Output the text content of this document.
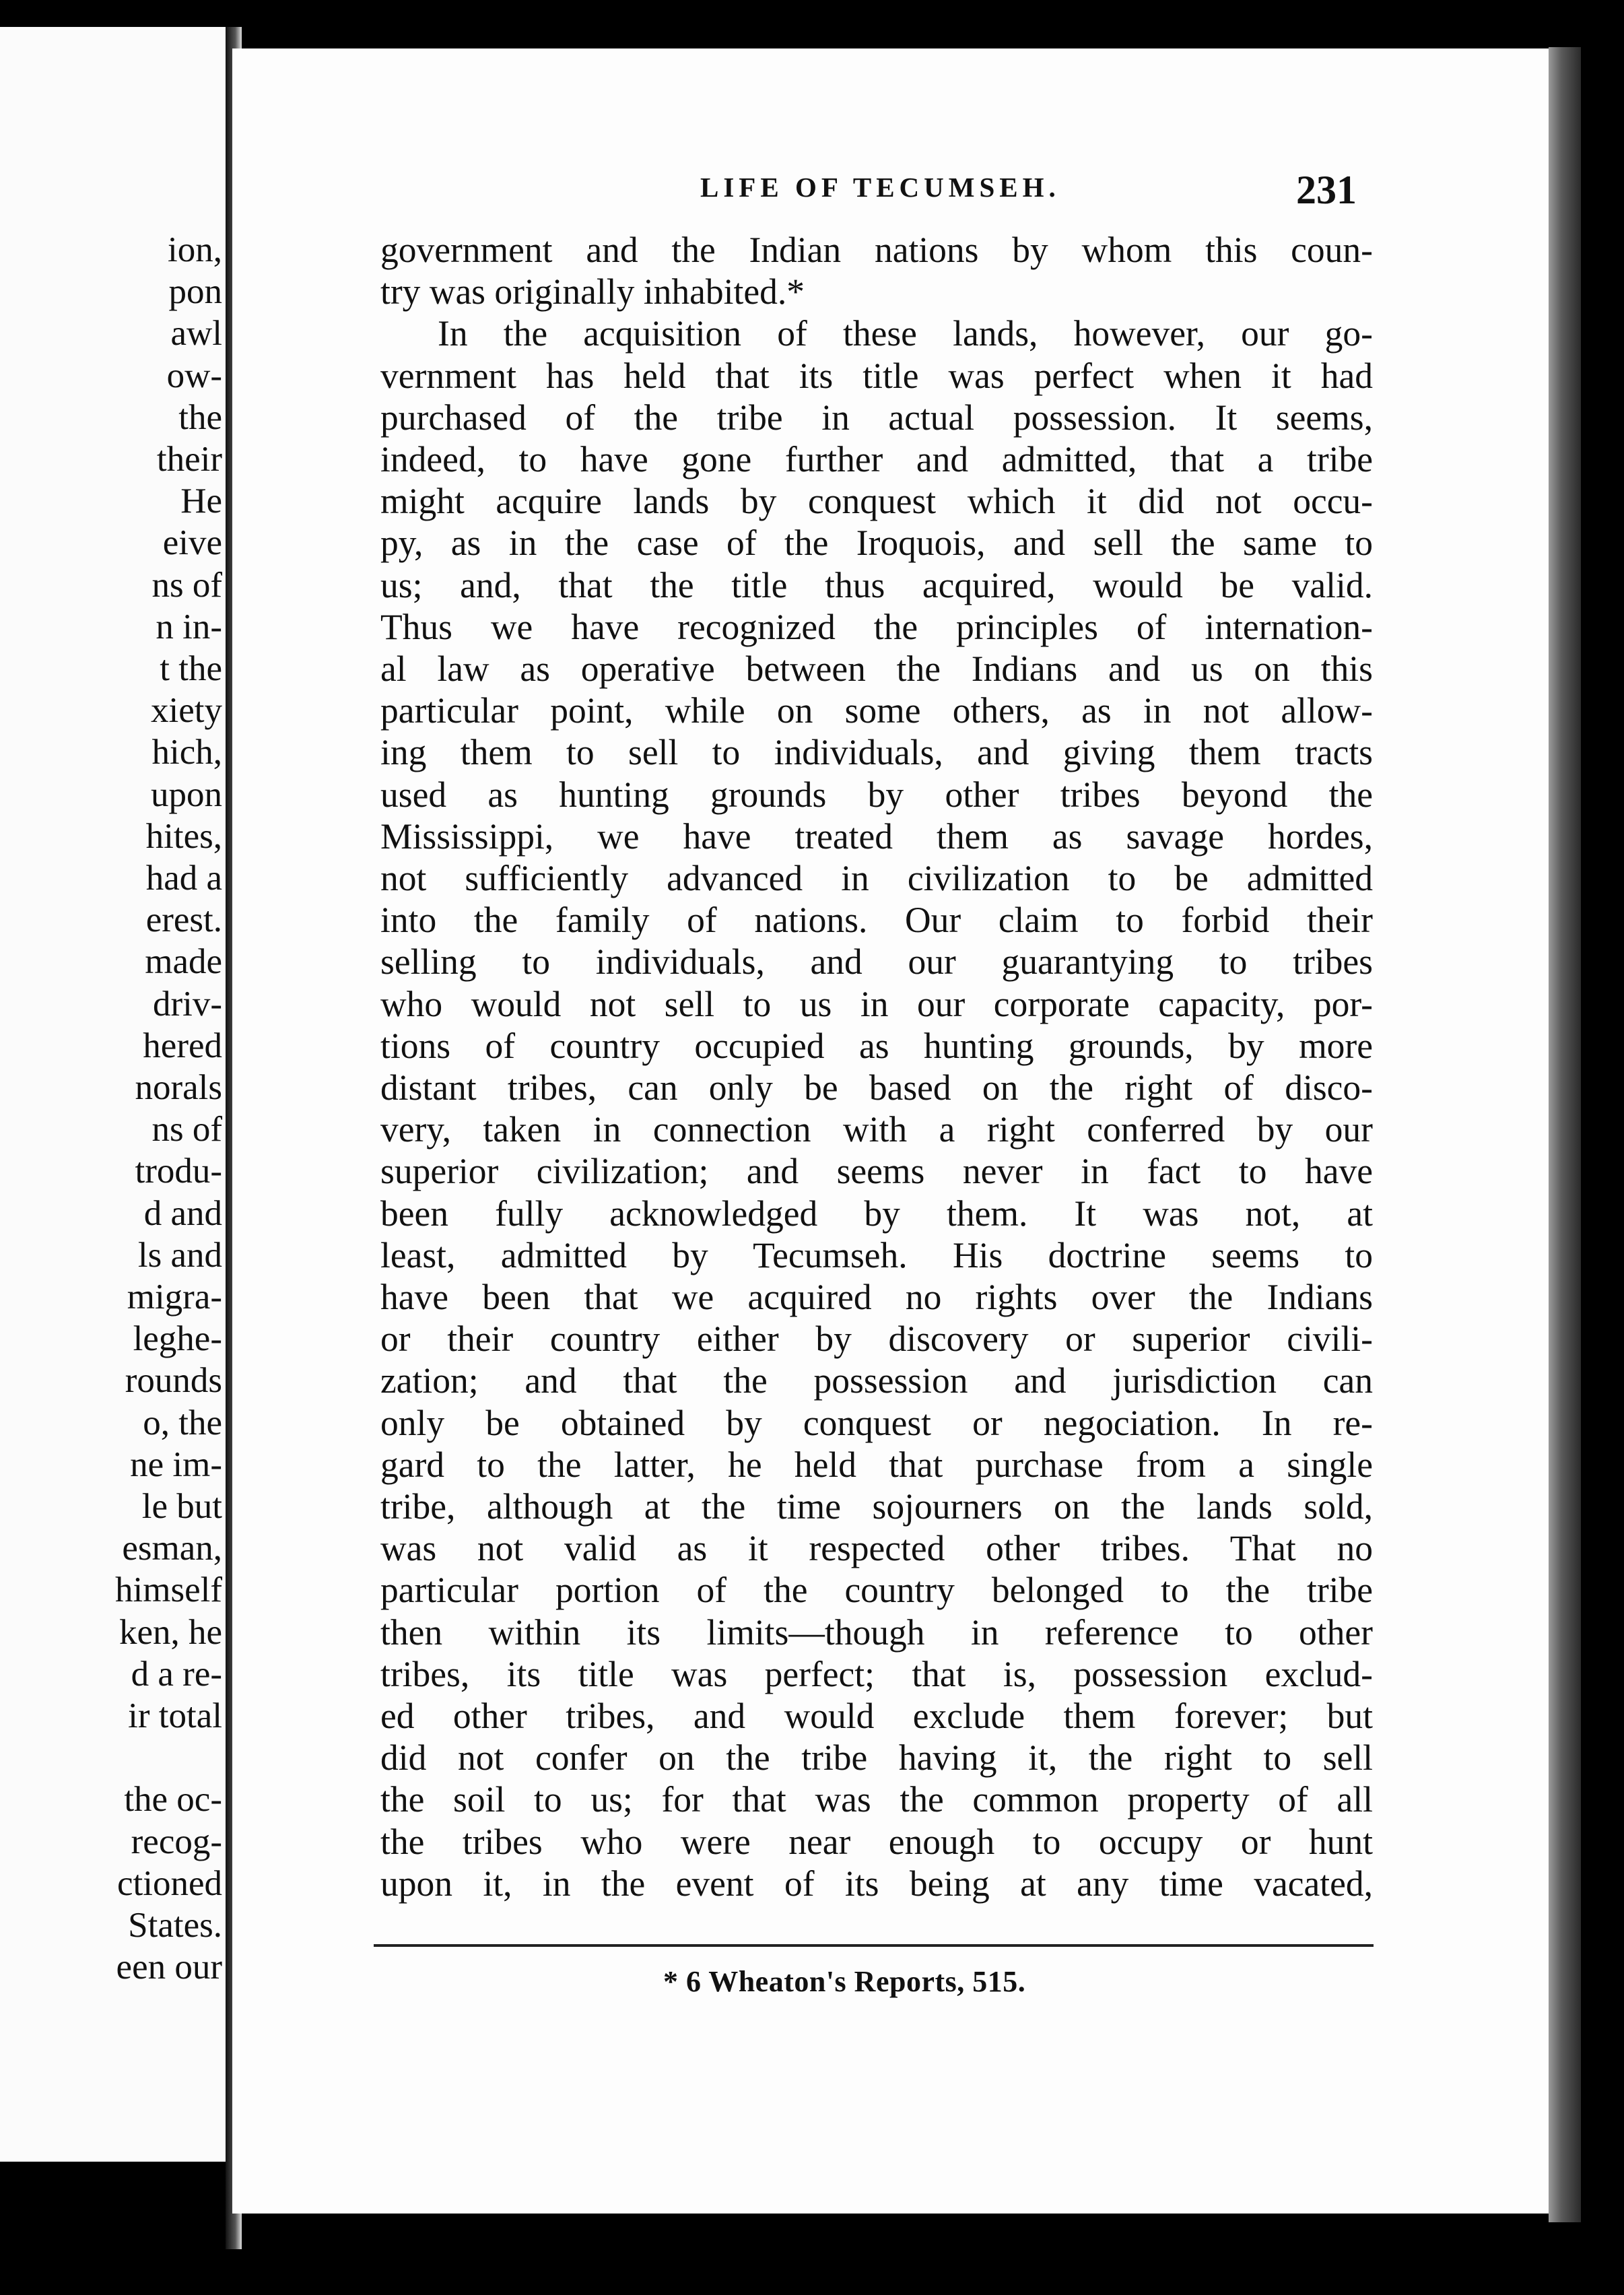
ion,

pon

awl

ow-

the

their

He

eive

ns of

n in-

t the

xiety

hich,

upon

hites,

had a

erest.

made

driv-

hered

norals

ns of

trodu-

d and

ls and

migra-

leghe-

rounds

o, the

ne im-

le but

esman,

himself

ken, he

d a re-

ir total

the oc-

recog-

ctioned

States.

een our

LIFE OF TECUMSEH.	231

government and the Indian nations by whom this coun-

try was originally inhabited.*

In the acquisition of these lands, however, our go-

vernment has held that its title was perfect when it had

purchased of the tribe in actual possession. It seems,

indeed, to have gone further and admitted, that a tribe

might acquire lands by conquest which it did not occu-

py, as in the case of the Iroquois, and sell the same to

us; and, that the title thus acquired, would be valid.

Thus we have recognized the principles of internation-

al law as operative between the Indians and us on this

particular point, while on some others, as in not allow-

ing them to sell to individuals, and giving them tracts

used as hunting grounds by other tribes beyond the

Mississippi, we have treated them as savage hordes,

not sufficiently advanced in civilization to be admitted

into the family of nations. Our claim to forbid their

selling to individuals, and our guarantying to tribes

who would not sell to us in our corporate capacity, por-

tions of country occupied as hunting grounds, by more

distant tribes, can only be based on the right of disco-

very, taken in connection with a right conferred by our

superior civilization; and seems never in fact to have

been fully acknowledged by them. It was not, at

least, admitted by Tecumseh. His doctrine seems to

have been that we acquired no rights over the Indians

or their country either by discovery or superior civili-

zation; and that the possession and jurisdiction can

only be obtained by conquest or negociation. In re-

gard to the latter, he held that purchase from a single

tribe, although at the time sojourners on the lands sold,

was not valid as it respected other tribes. That no

particular portion of the country belonged to the tribe

then within its limits—though in reference to other

tribes, its title was perfect; that is, possession exclud-

ed other tribes, and would exclude them forever; but

did not confer on the tribe having it, the right to sell

the soil to us; for that was the common property of all

the tribes who were near enough to occupy or hunt

upon it, in the event of its being at any time vacated,

* 6 Wheaton's Reports, 515.
